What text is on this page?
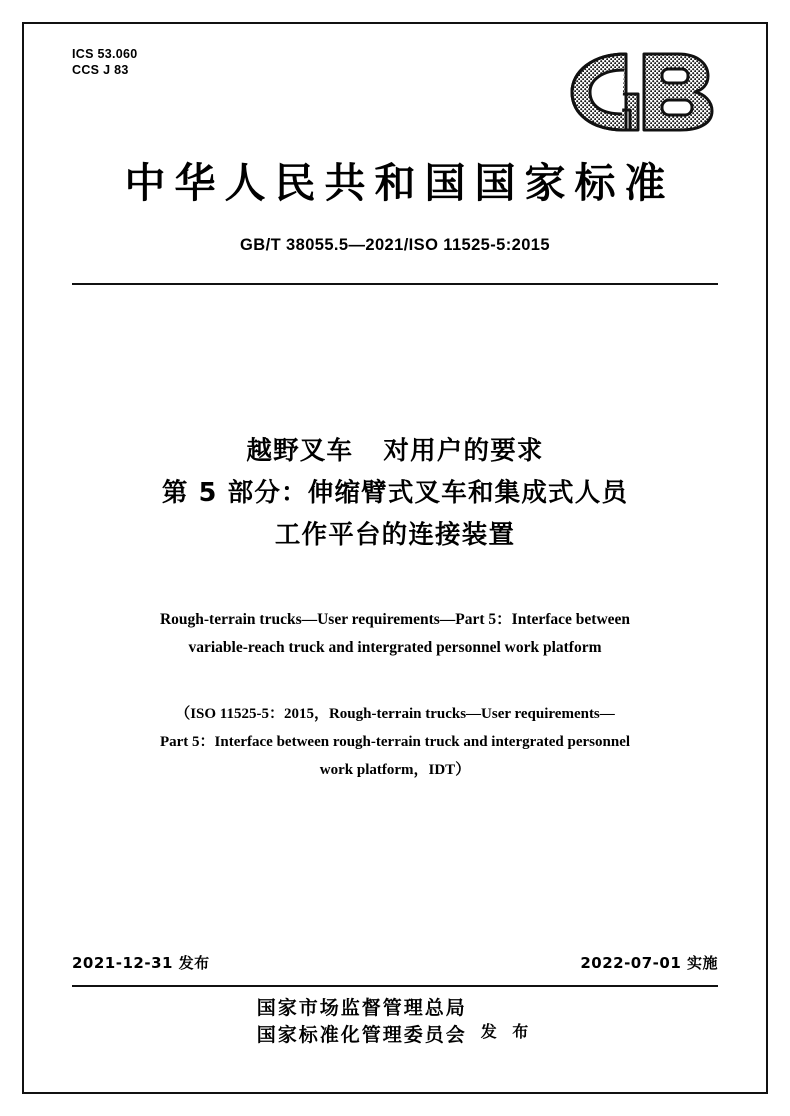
ICS 53.060
CCS J 83
中华人民共和国国家标准
GB/T 38055.5—2021/ISO 11525-5:2015
越野叉车   对用户的要求
第 5 部分：伸缩臂式叉车和集成式人员
工作平台的连接装置
Rough-terrain trucks—User requirements—Part 5：Interface between
variable-reach truck and intergrated personnel work platform
（ISO 11525-5：2015，Rough-terrain trucks—User requirements—
Part 5：Interface between rough-terrain truck and intergrated personnel
work platform，IDT）
2021-12-31 发布	2022-07-01 实施
国家市场监督管理总局
国家标准化管理委员会 发 布
